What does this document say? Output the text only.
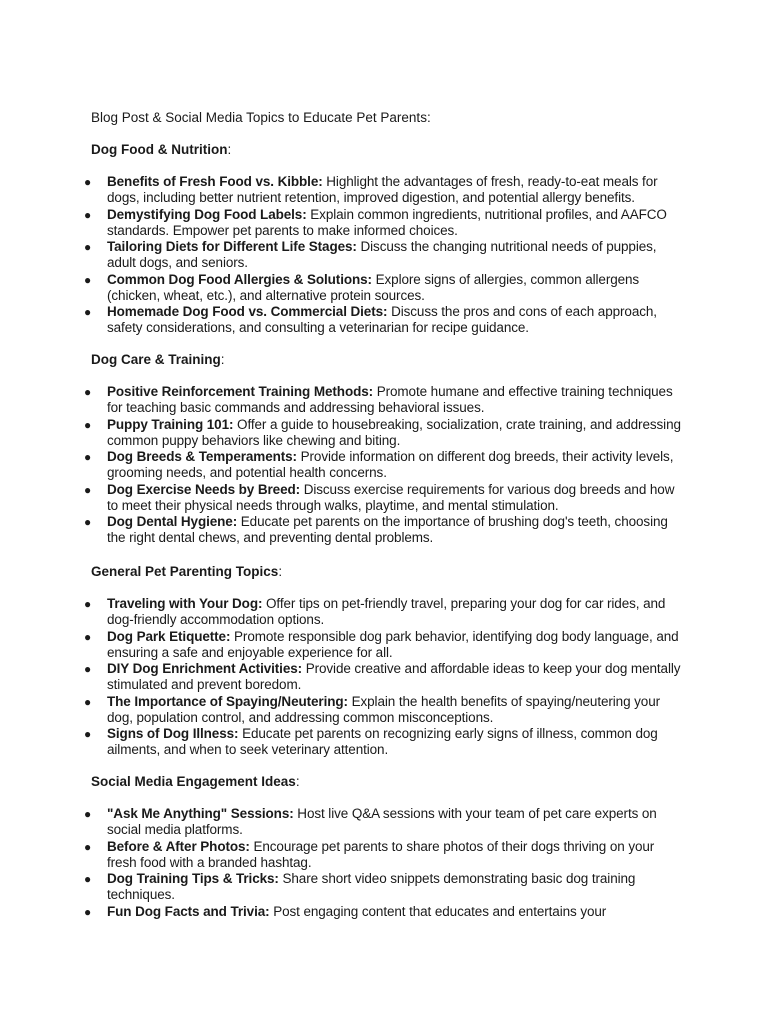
Blog Post & Social Media Topics to Educate Pet Parents:
Dog Food & Nutrition:
● Benefits of Fresh Food vs. Kibble: Highlight the advantages of fresh, ready-to-eat meals for dogs, including better nutrient retention, improved digestion, and potential allergy benefits.
● Demystifying Dog Food Labels: Explain common ingredients, nutritional profiles, and AAFCO standards. Empower pet parents to make informed choices.
● Tailoring Diets for Different Life Stages: Discuss the changing nutritional needs of puppies, adult dogs, and seniors.
● Common Dog Food Allergies & Solutions: Explore signs of allergies, common allergens (chicken, wheat, etc.), and alternative protein sources.
● Homemade Dog Food vs. Commercial Diets: Discuss the pros and cons of each approach, safety considerations, and consulting a veterinarian for recipe guidance.
Dog Care & Training:
● Positive Reinforcement Training Methods: Promote humane and effective training techniques for teaching basic commands and addressing behavioral issues.
● Puppy Training 101: Offer a guide to housebreaking, socialization, crate training, and addressing common puppy behaviors like chewing and biting.
● Dog Breeds & Temperaments: Provide information on different dog breeds, their activity levels, grooming needs, and potential health concerns.
● Dog Exercise Needs by Breed: Discuss exercise requirements for various dog breeds and how to meet their physical needs through walks, playtime, and mental stimulation.
● Dog Dental Hygiene: Educate pet parents on the importance of brushing dog's teeth, choosing the right dental chews, and preventing dental problems.
General Pet Parenting Topics:
● Traveling with Your Dog: Offer tips on pet-friendly travel, preparing your dog for car rides, and dog-friendly accommodation options.
● Dog Park Etiquette: Promote responsible dog park behavior, identifying dog body language, and ensuring a safe and enjoyable experience for all.
● DIY Dog Enrichment Activities: Provide creative and affordable ideas to keep your dog mentally stimulated and prevent boredom.
● The Importance of Spaying/Neutering: Explain the health benefits of spaying/neutering your dog, population control, and addressing common misconceptions.
● Signs of Dog Illness: Educate pet parents on recognizing early signs of illness, common dog ailments, and when to seek veterinary attention.
Social Media Engagement Ideas:
● "Ask Me Anything" Sessions: Host live Q&A sessions with your team of pet care experts on social media platforms.
● Before & After Photos: Encourage pet parents to share photos of their dogs thriving on your fresh food with a branded hashtag.
● Dog Training Tips & Tricks: Share short video snippets demonstrating basic dog training techniques.
● Fun Dog Facts and Trivia: Post engaging content that educates and entertains your
